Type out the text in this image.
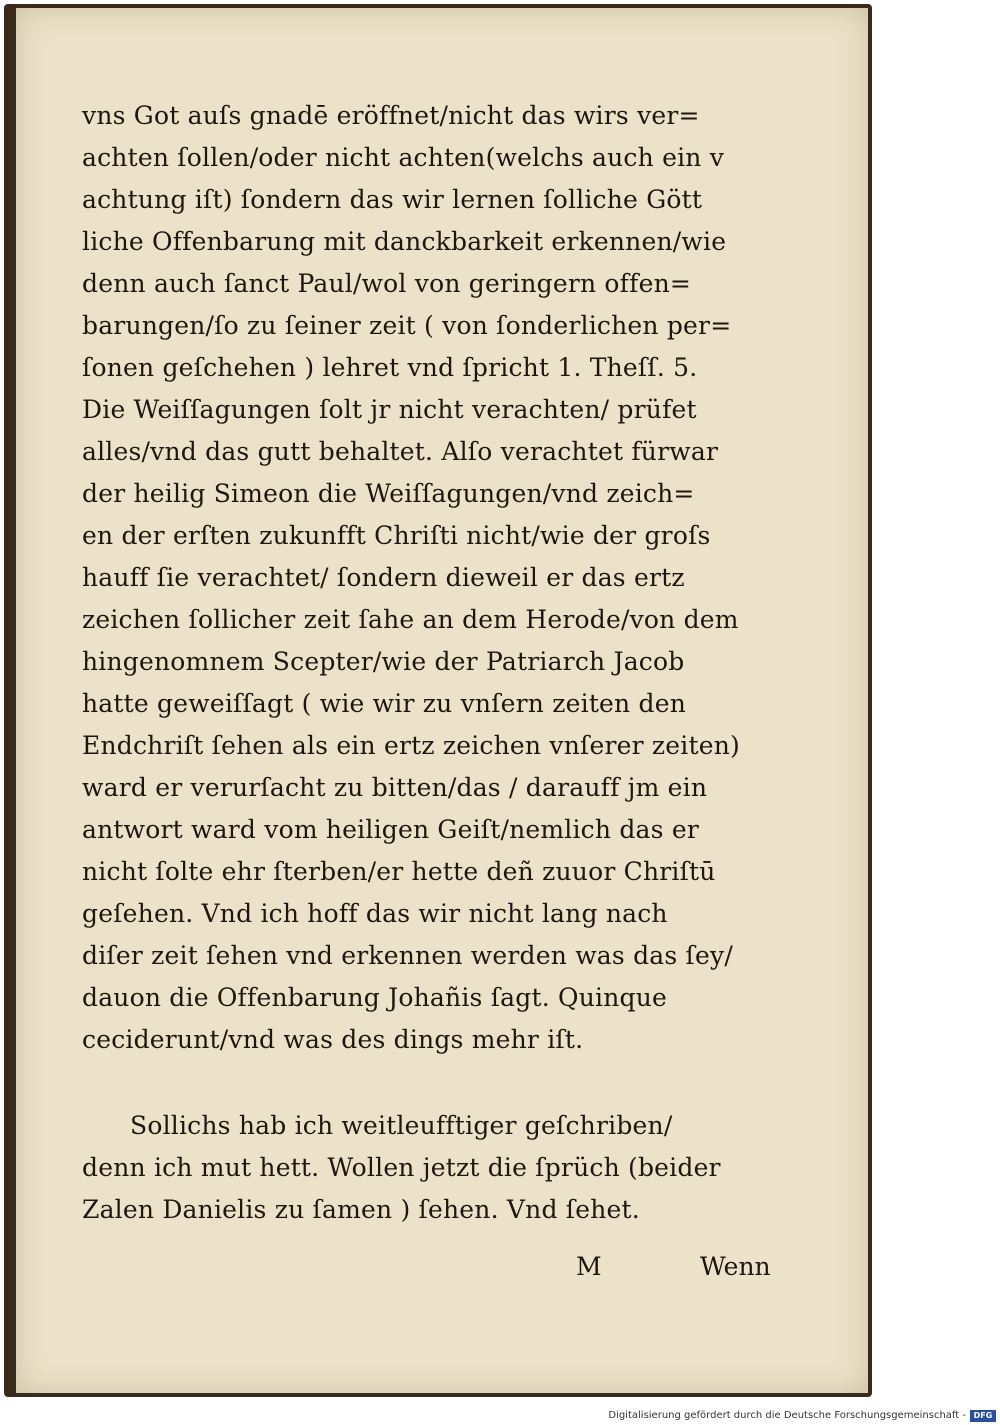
vns Got auſs gnadē eröffnet/nicht das wirs ver=
achten ſollen/oder nicht achten(welchs auch ein v
achtung iſt) ſondern das wir lernen ſolliche Gött
liche Offenbarung mit danckbarkeit erkennen/wie
denn auch ſanct Paul/wol von geringern offen=
barungen/ſo zu ſeiner zeit ( von ſonderlichen per=
ſonen geſchehen ) lehret vnd ſpricht 1. Theſſ. 5.
Die Weiſſagungen ſolt jr nicht verachten/ prüfet
alles/vnd das gutt behaltet. Alſo verachtet fürwar
der heilig Simeon die Weiſſagungen/vnd zeich=
en der erſten zukunfft Chriſti nicht/wie der groſs
hauff ſie verachtet/ ſondern dieweil er das ertz
zeichen ſollicher zeit ſahe an dem Herode/von dem
hingenomnem Scepter/wie der Patriarch Jacob
hatte geweiſſagt ( wie wir zu vnſern zeiten den
Endchriſt ſehen als ein ertz zeichen vnſerer zeiten)
ward er verurſacht zu bitten/das / darauff jm ein
antwort ward vom heiligen Geiſt/nemlich das er
nicht ſolte ehr ſterben/er hette deñ zuuor Chriſtū
geſehen. Vnd ich hoff das wir nicht lang nach
diſer zeit ſehen vnd erkennen werden was das ſey/
dauon die Offenbarung Johañis ſagt. Quinque
ceciderunt/vnd was des dings mehr iſt.
Sollichs hab ich weitleufftiger geſchriben/
denn ich mut hett. Wollen jetzt die ſprüch (beider
Zalen Danielis zu ſamen ) ſehen. Vnd ſehet.
M	Wenn
Digitalisierung gefördert durch die Deutsche Forschungsgemeinschaft - DFG
